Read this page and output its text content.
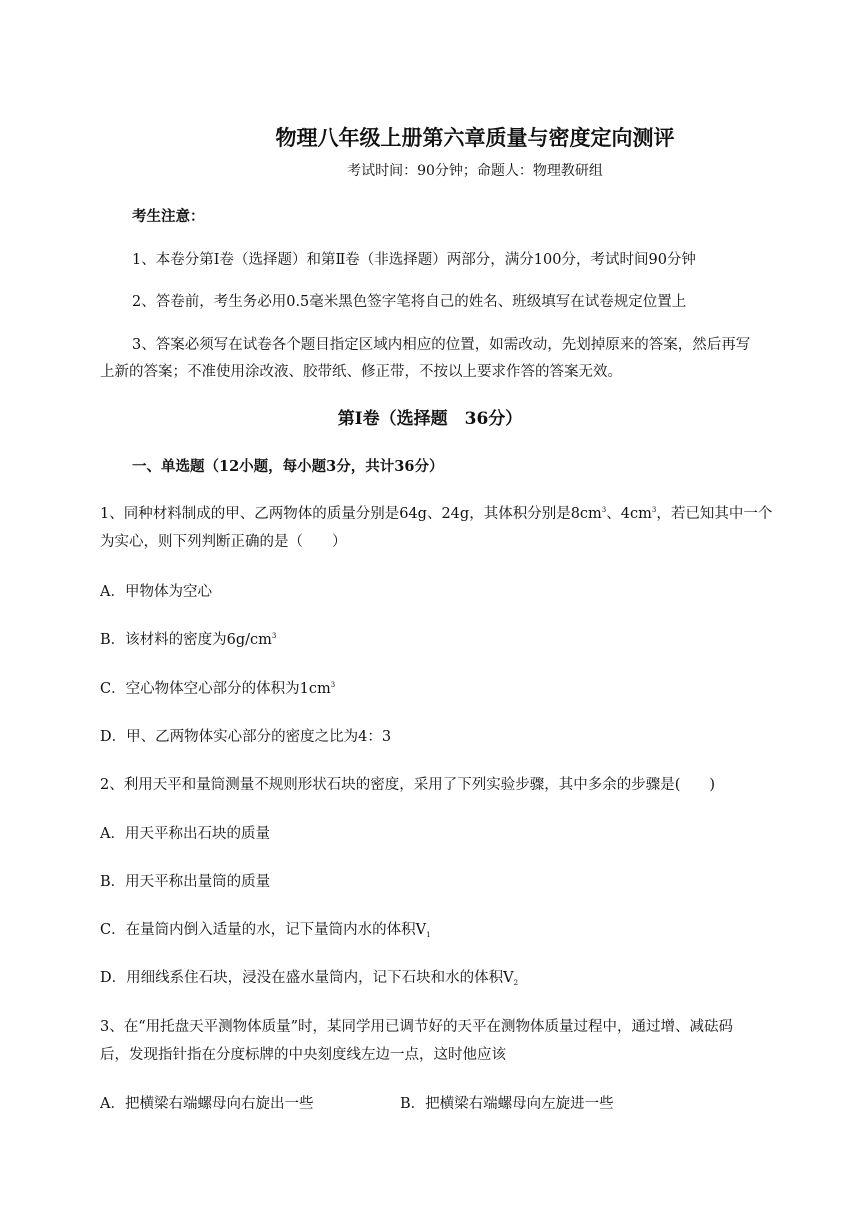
物理八年级上册第六章质量与密度定向测评
考试时间：90分钟；命题人：物理教研组
考生注意：
1、本卷分第Ⅰ卷（选择题）和第Ⅱ卷（非选择题）两部分，满分100分，考试时间90分钟
2、答卷前，考生务必用0.5毫米黑色签字笔将自己的姓名、班级填写在试卷规定位置上
3、答案必须写在试卷各个题目指定区域内相应的位置，如需改动，先划掉原来的答案，然后再写
上新的答案；不准使用涂改液、胶带纸、修正带，不按以上要求作答的答案无效。
第Ⅰ卷（选择题　36分）
一、单选题（12小题，每小题3分，共计36分）
1、同种材料制成的甲、乙两物体的质量分别是64g、24g，其体积分别是$8cm^3$、$4cm^3$，若已知其中一个
为实心，则下列判断正确的是（　　）
A．甲物体为空心
B．该材料的密度为$6g/cm^3$
C．空心物体空心部分的体积为$1cm^3$
D．甲、乙两物体实心部分的密度之比为4：3
2、利用天平和量筒测量不规则形状石块的密度，采用了下列实验步骤，其中多余的步骤是(　　)
A．用天平称出石块的质量
B．用天平称出量筒的质量
C．在量筒内倒入适量的水，记下量筒内水的体积$V_1$
D．用细线系住石块，浸没在盛水量筒内，记下石块和水的体积$V_2$
3、在“用托盘天平测物体质量”时，某同学用已调节好的天平在测物体质量过程中，通过增、减砝码
后，发现指针指在分度标牌的中央刻度线左边一点，这时他应该
A．把横梁右端螺母向右旋出一些	B．把横梁右端螺母向左旋进一些
